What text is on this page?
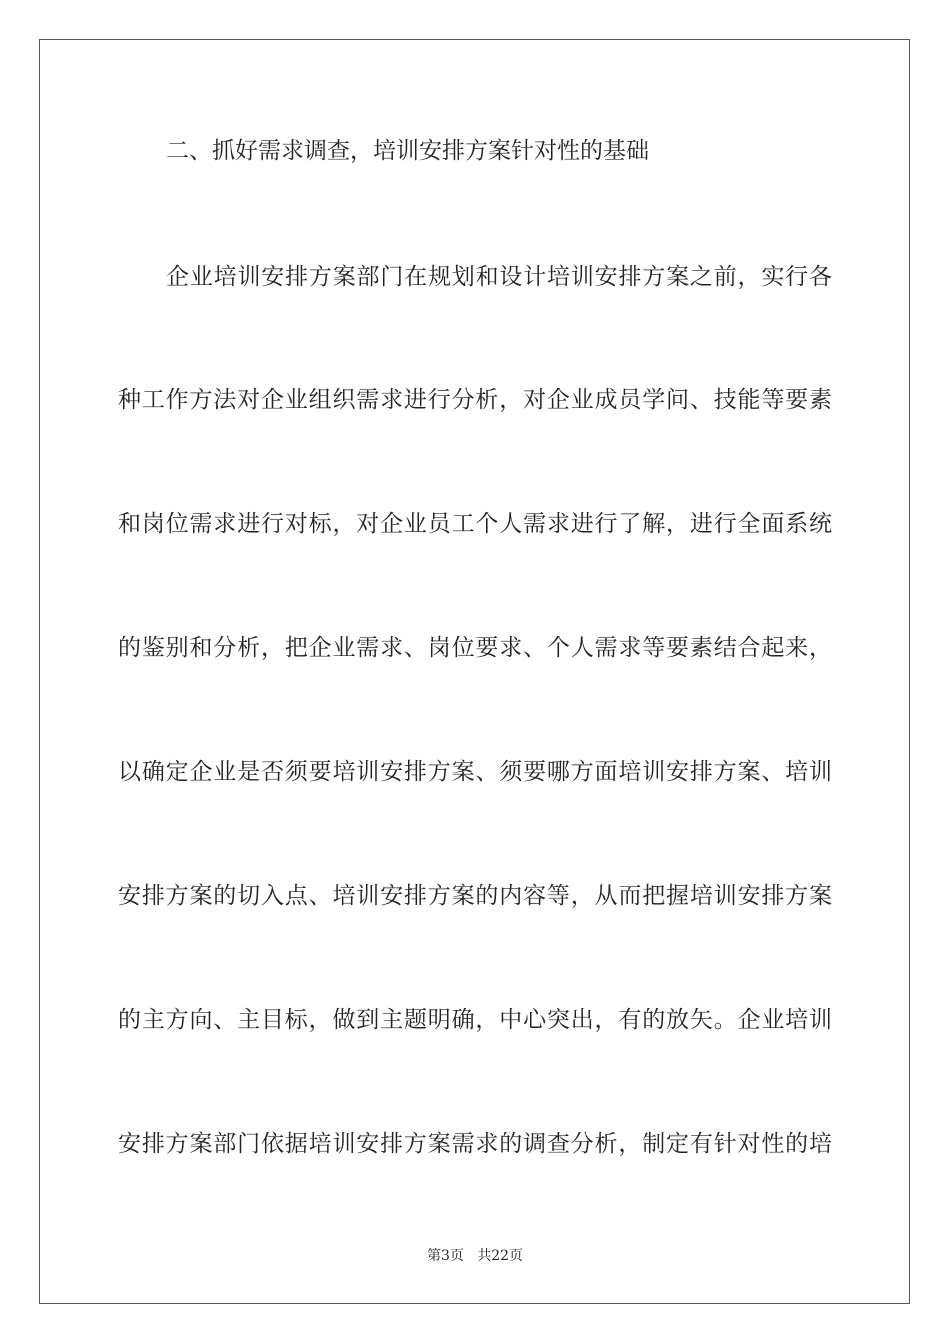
二、抓好需求调查，培训安排方案针对性的基础
企业培训安排方案部门在规划和设计培训安排方案之前，实行各
种工作方法对企业组织需求进行分析，对企业成员学问、技能等要素
和岗位需求进行对标，对企业员工个人需求进行了解，进行全面系统
的鉴别和分析，把企业需求、岗位要求、个人需求等要素结合起来，
以确定企业是否须要培训安排方案、须要哪方面培训安排方案、培训
安排方案的切入点、培训安排方案的内容等，从而把握培训安排方案
的主方向、主目标，做到主题明确，中心突出，有的放矢。企业培训
安排方案部门依据培训安排方案需求的调查分析，制定有针对性的培
第3页 共22页
